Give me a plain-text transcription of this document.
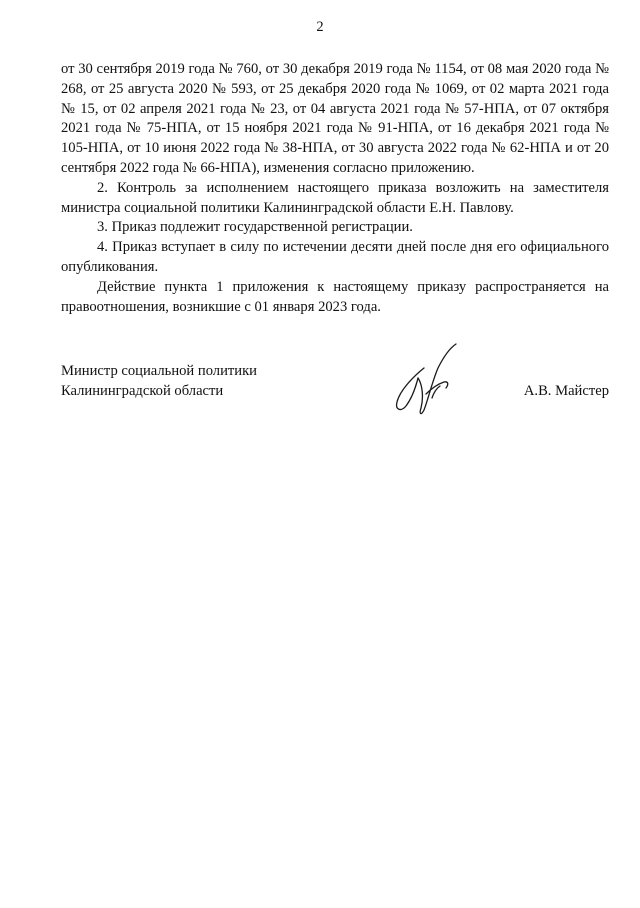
2

от 30 сентября 2019 года № 760, от 30 декабря 2019 года № 1154, от 08 мая 2020 года № 268, от 25 августа 2020 № 593, от 25 декабря 2020 года № 1069, от 02 марта 2021 года № 15, от 02 апреля 2021 года № 23, от 04 августа 2021 года № 57-НПА, от 07 октября 2021 года № 75-НПА, от 15 ноября 2021 года № 91-НПА, от 16 декабря 2021 года № 105-НПА, от 10 июня 2022 года № 38-НПА, от 30 августа 2022 года № 62-НПА и от 20 сентября 2022 года № 66-НПА), изменения согласно приложению.

2. Контроль за исполнением настоящего приказа возложить на заместителя министра социальной политики Калининградской области Е.Н. Павлову.

3. Приказ подлежит государственной регистрации.

4. Приказ вступает в силу по истечении десяти дней после дня его официального опубликования.

Действие пункта 1 приложения к настоящему приказу распространяется на правоотношения, возникшие с 01 января 2023 года.

Министр социальной политики
Калининградской области	А.В. Майстер
